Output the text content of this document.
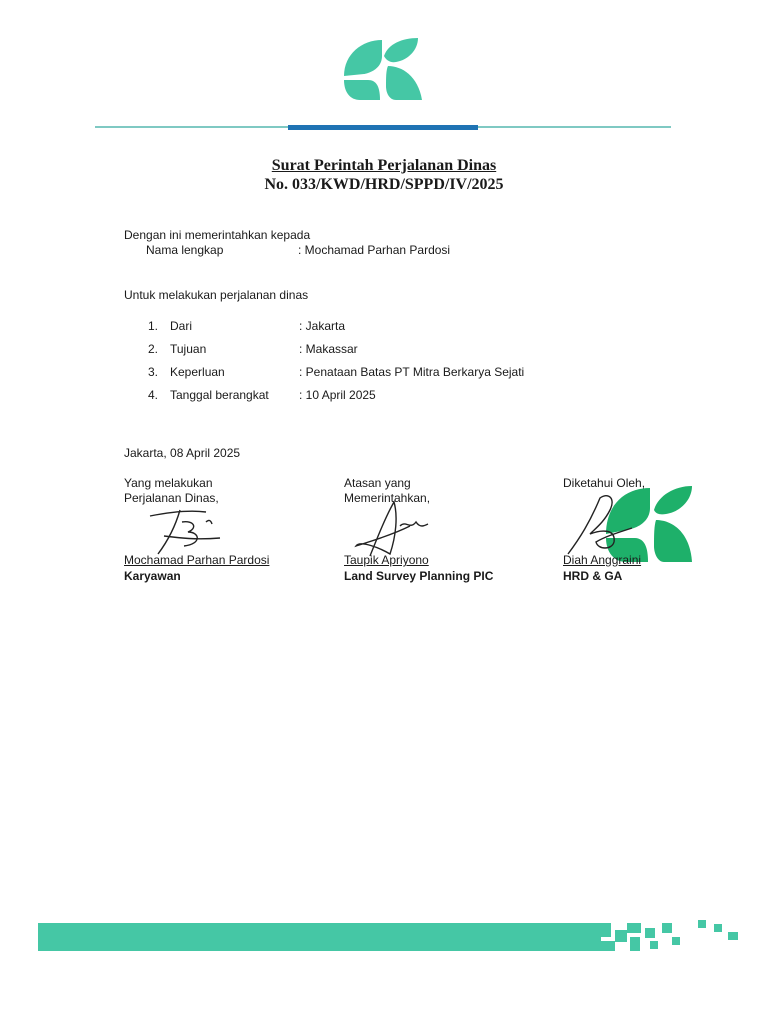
Surat Perintah Perjalanan Dinas
No. 033/KWD/HRD/SPPD/IV/2025
Dengan ini memerintahkan kepada
Nama lengkap	: Mochamad Parhan Pardosi
Untuk melakukan perjalanan dinas
1. Dari	: Jakarta
2. Tujuan	: Makassar
3. Keperluan	: Penataan Batas PT Mitra Berkarya Sejati
4. Tanggal berangkat	: 10 April 2025
Jakarta, 08 April 2025
Yang melakukan
Perjalanan Dinas,
Mochamad Parhan Pardosi
Karyawan
Atasan yang
Memerintahkan,
Taupik Apriyono
Land Survey Planning PIC
Diketahui Oleh,
Diah Anggraini
HRD & GA
